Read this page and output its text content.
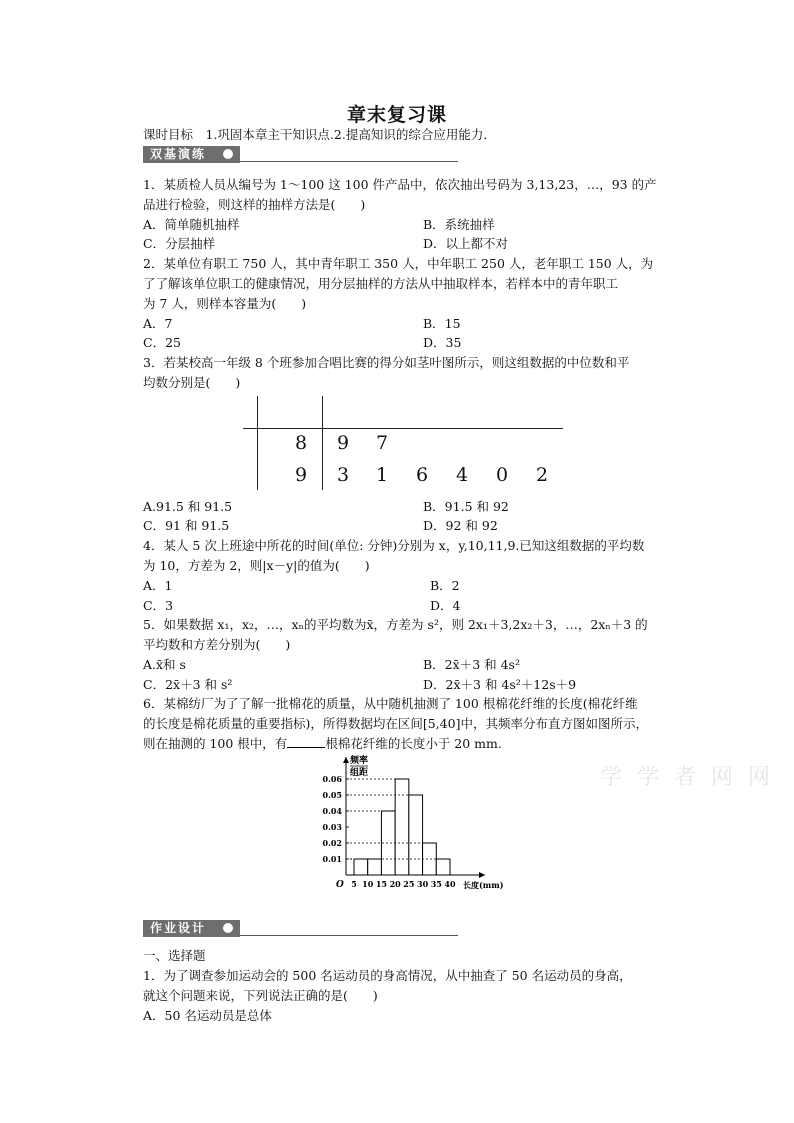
章末复习课
课时目标　1.巩固本章主干知识点.2.提高知识的综合应用能力．
双基演练
1．某质检人员从编号为 1～100 这 100 件产品中，依次抽出号码为 3,13,23，…，93 的产
品进行检验，则这样的抽样方法是(　　)
A．简单随机抽样	B．系统抽样
C．分层抽样	D．以上都不对
2．某单位有职工 750 人，其中青年职工 350 人，中年职工 250 人，老年职工 150 人，为
了了解该单位职工的健康情况，用分层抽样的方法从中抽取样本，若样本中的青年职工
为 7 人，则样本容量为(　　)
A．7	B．15
C．25	D．35
3．若某校高一年级 8 个班参加合唱比赛的得分如茎叶图所示，则这组数据的中位数和平
均数分别是(　　)
8 9 7
9 3 1 6 4 0 2
A.91.5 和 91.5	B．91.5 和 92
C．91 和 91.5	D．92 和 92
4．某人 5 次上班途中所花的时间(单位: 分钟)分别为 x，y,10,11,9.已知这组数据的平均数
为 10，方差为 2，则|x－y|的值为(　　)
A．1	B．2
C．3	D．4
5．如果数据 x₁，x₂，…，xₙ的平均数为x̄，方差为 s²，则 2x₁＋3,2x₂＋3，…，2xₙ＋3 的
平均数和方差分别为(　　)
A.x̄和 s	B．2x̄＋3 和 4s²
C．2x̄＋3 和 s²	D．2x̄＋3 和 4s²＋12s＋9
6．某棉纺厂为了了解一批棉花的质量，从中随机抽测了 100 根棉花纤维的长度(棉花纤维
的长度是棉花质量的重要指标)，所得数据均在区间[5,40]中，其频率分布直方图如图所示，
则在抽测的 100 根中，有	根棉花纤维的长度小于 20 mm.
学 学 者 网 网
频率
组距
0.01
0.02
0.03
0.04
0.05
0.06
5 10 15 20 25 30 35 40
O	长度(mm)
作业设计
一、选择题
1．为了调查参加运动会的 500 名运动员的身高情况，从中抽查了 50 名运动员的身高，
就这个问题来说，下列说法正确的是(　　)
A．50 名运动员是总体
